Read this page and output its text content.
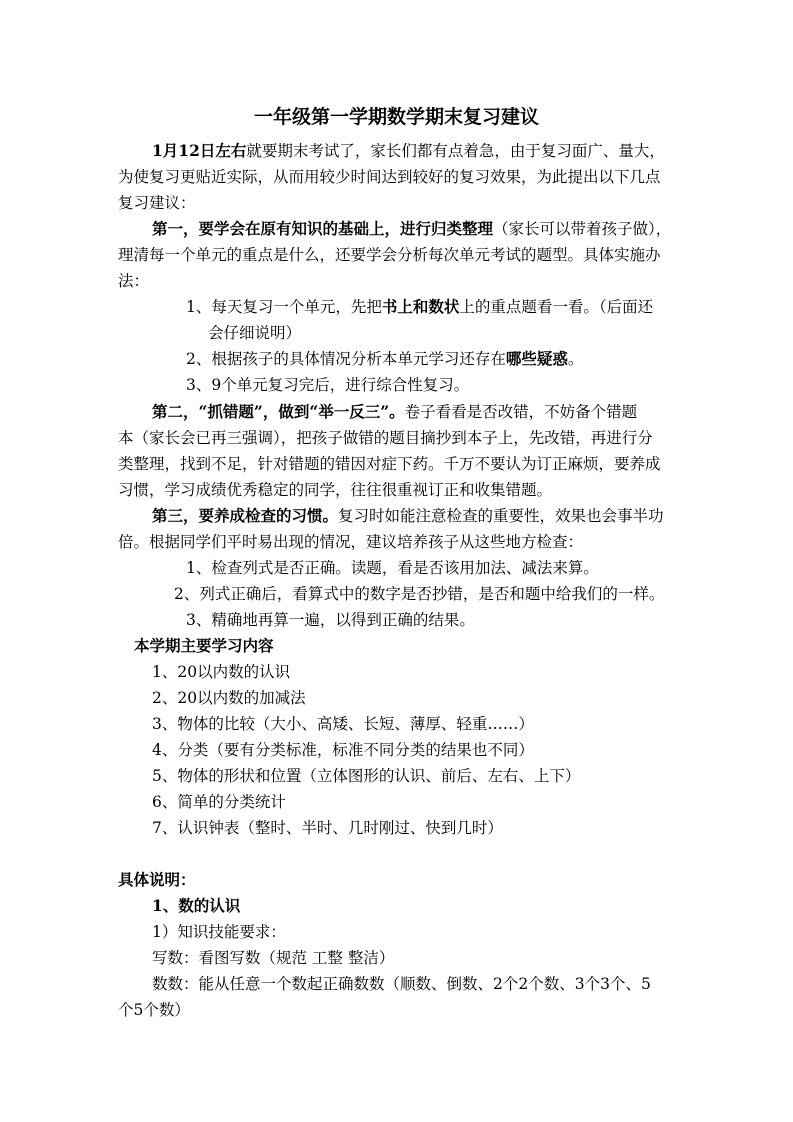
一年级第一学期数学期末复习建议
1月12日左右就要期末考试了，家长们都有点着急，由于复习面广、量大，
为使复习更贴近实际，从而用较少时间达到较好的复习效果，为此提出以下几点
复习建议：
第一，要学会在原有知识的基础上，进行归类整理（家长可以带着孩子做），
理清每一个单元的重点是什么，还要学会分析每次单元考试的题型。具体实施办
法：
1、每天复习一个单元，先把书上和数状上的重点题看一看。（后面还
会仔细说明）
2、根据孩子的具体情况分析本单元学习还存在哪些疑惑。
3、9个单元复习完后，进行综合性复习。
第二，“抓错题”，做到“举一反三”。卷子看看是否改错，不妨备个错题
本（家长会已再三强调），把孩子做错的题目摘抄到本子上，先改错，再进行分
类整理，找到不足，针对错题的错因对症下药。千万不要认为订正麻烦，要养成
习惯，学习成绩优秀稳定的同学，往往很重视订正和收集错题。
第三，要养成检查的习惯。复习时如能注意检查的重要性，效果也会事半功
倍。根据同学们平时易出现的情况，建议培养孩子从这些地方检查：
1、检查列式是否正确。读题，看是否该用加法、减法来算。
2、列式正确后，看算式中的数字是否抄错，是否和题中给我们的一样。
3、精确地再算一遍，以得到正确的结果。
本学期主要学习内容
1、20以内数的认识
2、20以内数的加减法
3、物体的比较（大小、高矮、长短、薄厚、轻重……）
4、分类（要有分类标准，标准不同分类的结果也不同）
5、物体的形状和位置（立体图形的认识、前后、左右、上下）
6、简单的分类统计
7、认识钟表（整时、半时、几时刚过、快到几时）
具体说明：
1、数的认识
1）知识技能要求：
写数：看图写数（规范 工整 整洁）
数数：能从任意一个数起正确数数（顺数、倒数、2个2个数、3个3个、5
个5个数）
